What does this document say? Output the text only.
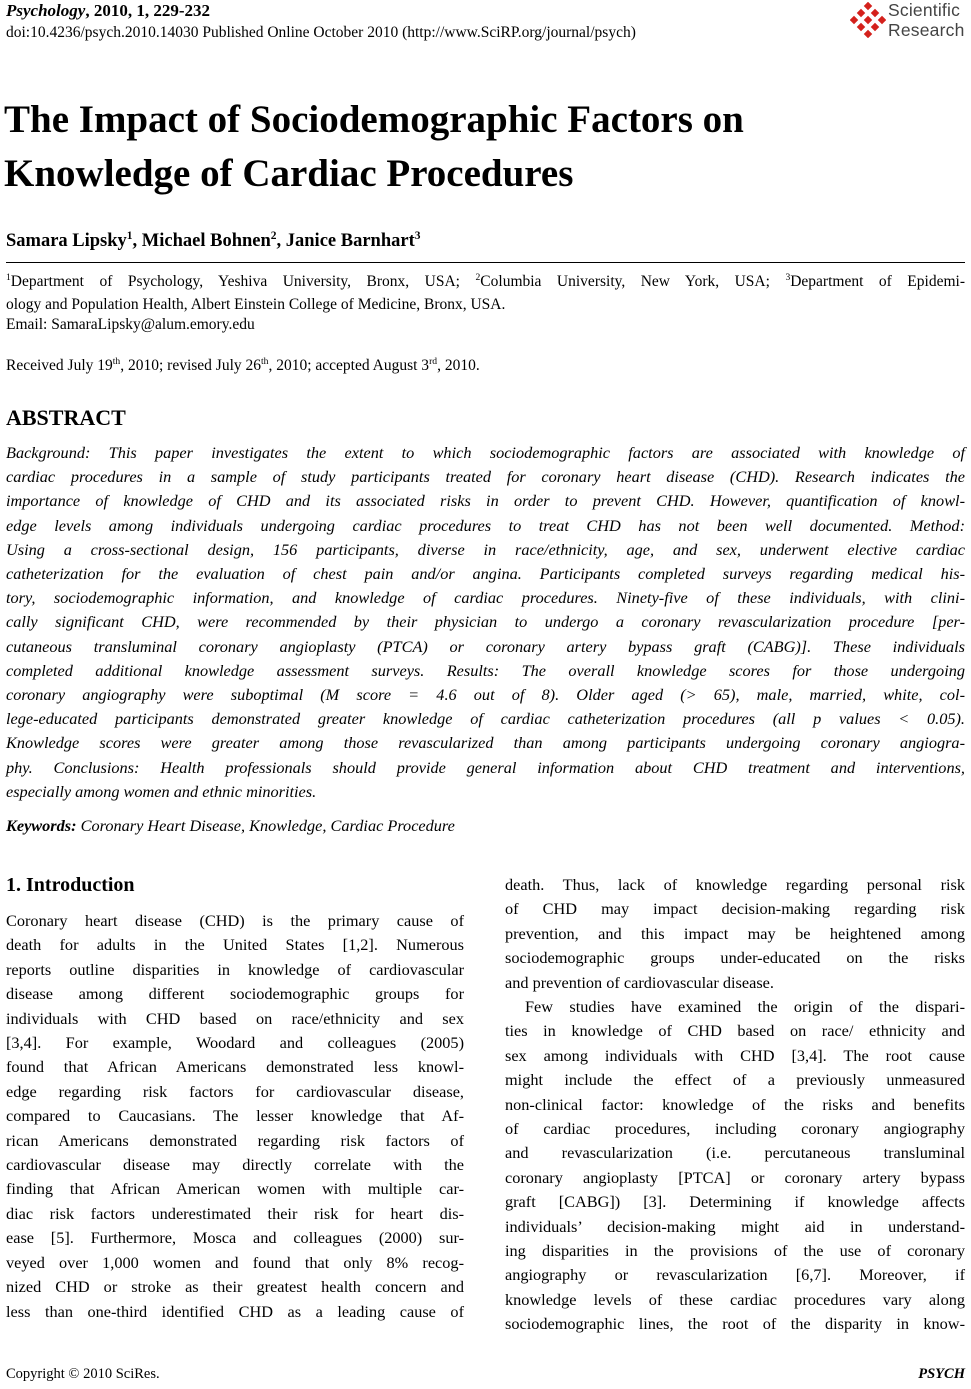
Psychology, 2010, 1, 229-232
doi:10.4236/psych.2010.14030 Published Online October 2010 (http://www.SciRP.org/journal/psych)
Scientific
Research
The Impact of Sociodemographic Factors on
Knowledge of Cardiac Procedures
Samara Lipsky$^1$, Michael Bohnen$^2$, Janice Barnhart$^3$
$^1$Department of Psychology, Yeshiva University, Bronx, USA; $^2$Columbia University, New York, USA; $^3$Department of Epidemi-
ology and Population Health, Albert Einstein College of Medicine, Bronx, USA.
Email: SamaraLipsky@alum.emory.edu
Received July 19th, 2010; revised July 26th, 2010; accepted August 3rd, 2010.
ABSTRACT
Background: This paper investigates the extent to which sociodemographic factors are associated with knowledge of
cardiac procedures in a sample of study participants treated for coronary heart disease (CHD). Research indicates the
importance of knowledge of CHD and its associated risks in order to prevent CHD. However, quantification of knowl-
edge levels among individuals undergoing cardiac procedures to treat CHD has not been well documented. Method:
Using a cross-sectional design, 156 participants, diverse in race/ethnicity, age, and sex, underwent elective cardiac
catheterization for the evaluation of chest pain and/or angina. Participants completed surveys regarding medical his-
tory, sociodemographic information, and knowledge of cardiac procedures. Ninety-five of these individuals, with clini-
cally significant CHD, were recommended by their physician to undergo a coronary revascularization procedure [per-
cutaneous transluminal coronary angioplasty (PTCA) or coronary artery bypass graft (CABG)]. These individuals
completed additional knowledge assessment surveys. Results: The overall knowledge scores for those undergoing
coronary angiography were suboptimal (M score = 4.6 out of 8). Older aged (> 65), male, married, white, col-
lege-educated participants demonstrated greater knowledge of cardiac catheterization procedures (all p values < 0.05).
Knowledge scores were greater among those revascularized than among participants undergoing coronary angiogra-
phy. Conclusions: Health professionals should provide general information about CHD treatment and interventions,
especially among women and ethnic minorities.
Keywords: Coronary Heart Disease, Knowledge, Cardiac Procedure
1. Introduction
Coronary heart disease (CHD) is the primary cause of
death for adults in the United States [1,2]. Numerous
reports outline disparities in knowledge of cardiovascular
disease among different sociodemographic groups for
individuals with CHD based on race/ethnicity and sex
[3,4]. For example, Woodard and colleagues (2005)
found that African Americans demonstrated less knowl-
edge regarding risk factors for cardiovascular disease,
compared to Caucasians. The lesser knowledge that Af-
rican Americans demonstrated regarding risk factors of
cardiovascular disease may directly correlate with the
finding that African American women with multiple car-
diac risk factors underestimated their risk for heart dis-
ease [5]. Furthermore, Mosca and colleagues (2000) sur-
veyed over 1,000 women and found that only 8% recog-
nized CHD or stroke as their greatest health concern and
less than one-third identified CHD as a leading cause of
death. Thus, lack of knowledge regarding personal risk
of CHD may impact decision-making regarding risk
prevention, and this impact may be heightened among
sociodemographic groups under-educated on the risks
and prevention of cardiovascular disease.
Few studies have examined the origin of the dispari-
ties in knowledge of CHD based on race/ ethnicity and
sex among individuals with CHD [3,4]. The root cause
might include the effect of a previously unmeasured
non-clinical factor: knowledge of the risks and benefits
of cardiac procedures, including coronary angiography
and revascularization (i.e. percutaneous transluminal
coronary angioplasty [PTCA] or coronary artery bypass
graft [CABG]) [3]. Determining if knowledge affects
individuals’ decision-making might aid in understand-
ing disparities in the provisions of the use of coronary
angiography or revascularization [6,7]. Moreover, if
knowledge levels of these cardiac procedures vary along
sociodemographic lines, the root of the disparity in know-
Copyright © 2010 SciRes.	PSYCH
